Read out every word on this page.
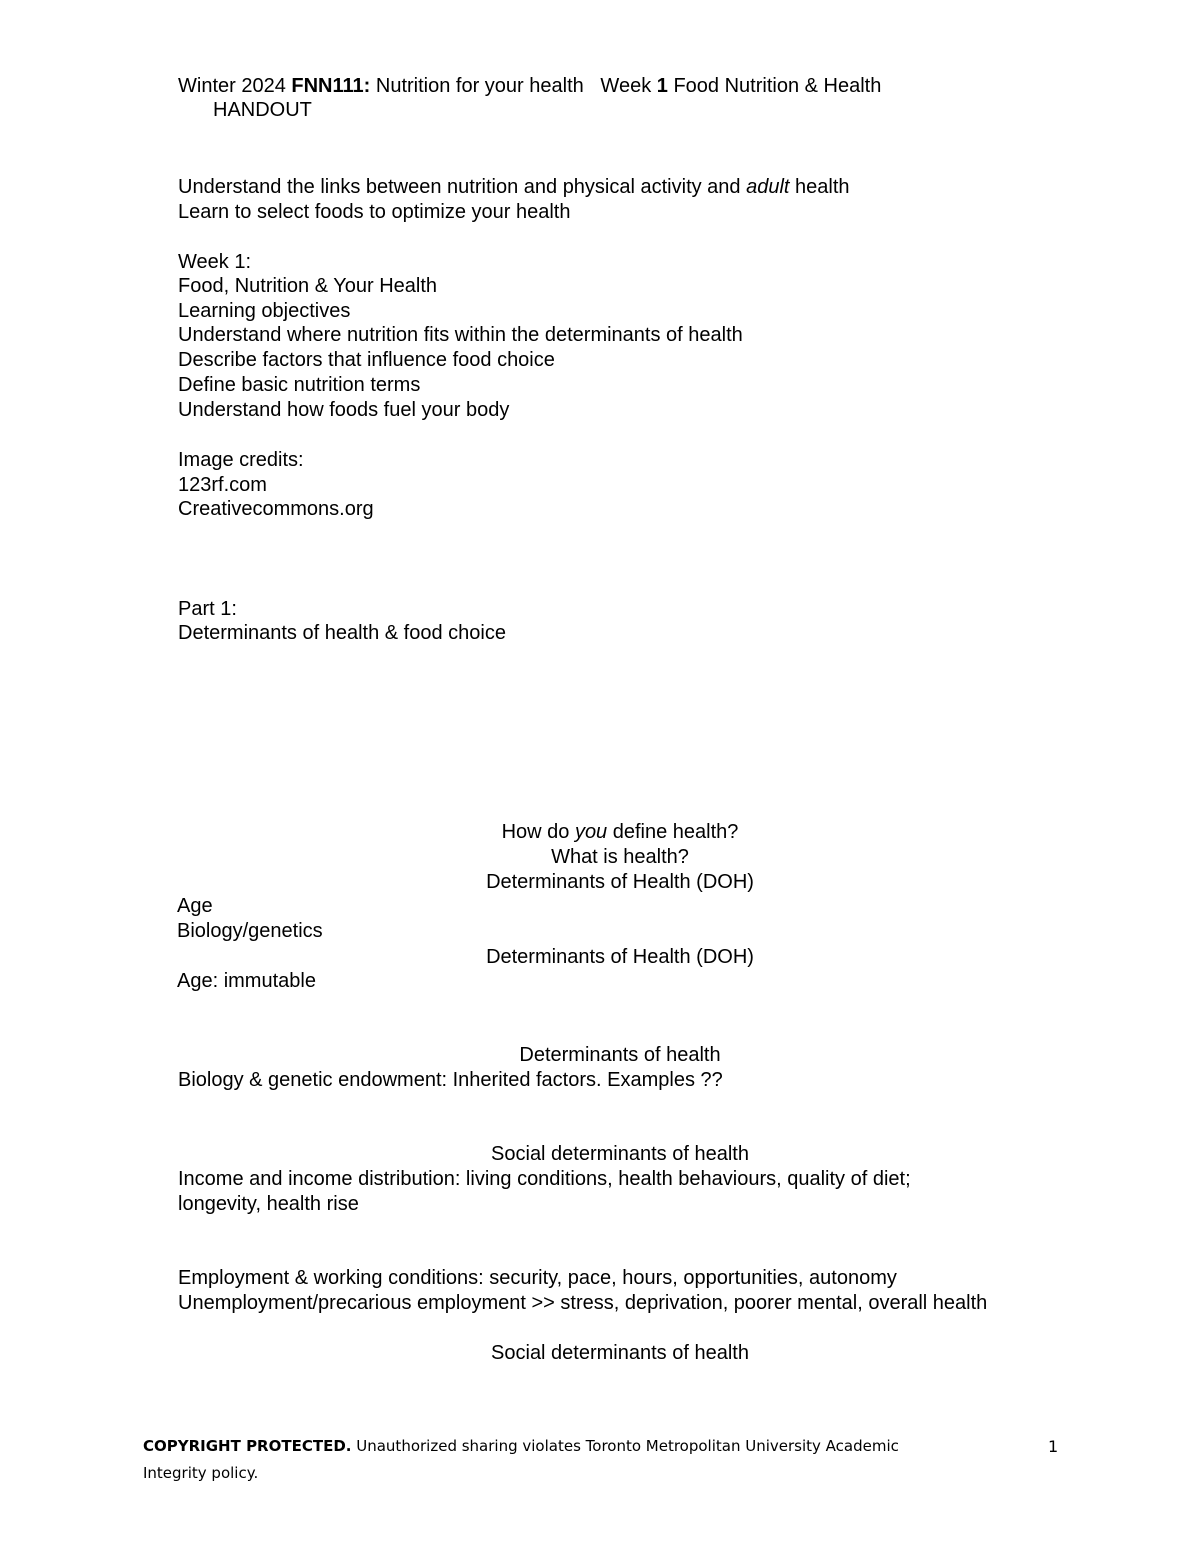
Winter 2024 FNN111: Nutrition for your health   Week 1 Food Nutrition & Health
HANDOUT
Understand the links between nutrition and physical activity and adult health
Learn to select foods to optimize your health
Week 1:
Food, Nutrition & Your Health
Learning objectives
Understand where nutrition fits within the determinants of health
Describe factors that influence food choice
Define basic nutrition terms
Understand how foods fuel your body
Image credits:
123rf.com
Creativecommons.org
Part 1:
Determinants of health & food choice
How do you define health?
What is health?
Determinants of Health (DOH)
Age
Biology/genetics
Determinants of Health (DOH)
Age: immutable
Determinants of health
Biology & genetic endowment: Inherited factors. Examples ??
Social determinants of health
Income and income distribution: living conditions, health behaviours, quality of diet;
longevity, health rise
Employment & working conditions: security, pace, hours, opportunities, autonomy
Unemployment/precarious employment >> stress, deprivation, poorer mental, overall health
Social determinants of health
COPYRIGHT PROTECTED. Unauthorized sharing violates Toronto Metropolitan University Academic
Integrity policy.
1
